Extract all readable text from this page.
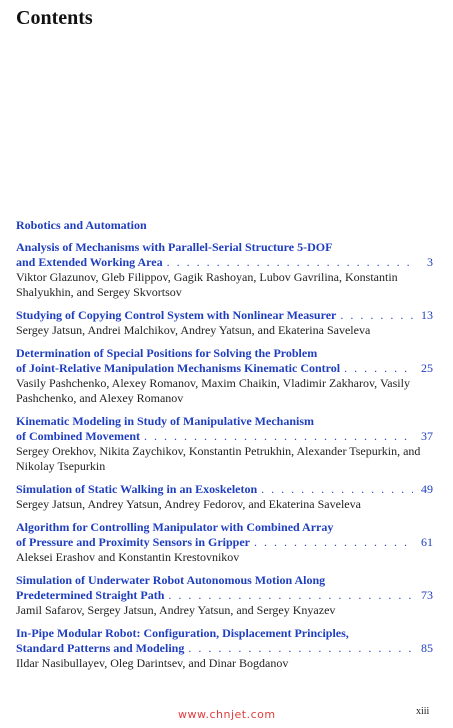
Contents
Robotics and Automation
Analysis of Mechanisms with Parallel-Serial Structure 5-DOF
and Extended Working Area . . .	3
Viktor Glazunov, Gleb Filippov, Gagik Rashoyan, Lubov Gavrilina, Konstantin Shalyukhin, and Sergey Skvortsov
Studying of Copying Control System with Nonlinear Measurer . . .	13
Sergey Jatsun, Andrei Malchikov, Andrey Yatsun, and Ekaterina Saveleva
Determination of Special Positions for Solving the Problem
of Joint-Relative Manipulation Mechanisms Kinematic Control . . .	25
Vasily Pashchenko, Alexey Romanov, Maxim Chaikin, Vladimir Zakharov, Vasily Pashchenko, and Alexey Romanov
Kinematic Modeling in Study of Manipulative Mechanism
of Combined Movement . . .	37
Sergey Orekhov, Nikita Zaychikov, Konstantin Petrukhin, Alexander Tsepurkin, and Nikolay Tsepurkin
Simulation of Static Walking in an Exoskeleton . . .	49
Sergey Jatsun, Andrey Yatsun, Andrey Fedorov, and Ekaterina Saveleva
Algorithm for Controlling Manipulator with Combined Array
of Pressure and Proximity Sensors in Gripper . . .	61
Aleksei Erashov and Konstantin Krestovnikov
Simulation of Underwater Robot Autonomous Motion Along
Predetermined Straight Path . . .	73
Jamil Safarov, Sergey Jatsun, Andrey Yatsun, and Sergey Knyazev
In-Pipe Modular Robot: Configuration, Displacement Principles,
Standard Patterns and Modeling . . .	85
Ildar Nasibullayev, Oleg Darintsev, and Dinar Bogdanov
www.chnjet.com	xiii
